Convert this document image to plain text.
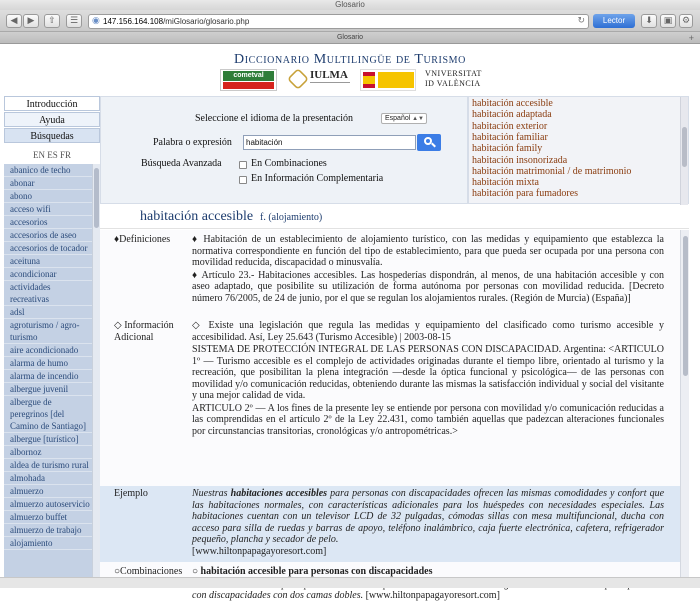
Glosario
◀	▶	⇧	☰	◉ 147.156.164.108/miGlosario/glosario.php	↻	Lector	⬇	▣	⚙
Glosario	+
Diccionario Multilingüe de Turismo
cometval	IULMA	VNIVERSITAT
ID VALÈNCIA
Introducción
Ayuda
Búsquedas
EN ES FR
abanico de techo
abonar
abono
acceso wifi
accesorios
accesorios de aseo
accesorios de tocador
aceituna
acondicionar
actividades recreativas
adsl
agroturismo / agro-turismo
aire acondicionado
alarma de humo
alarma de incendio
albergue juvenil
albergue de peregrinos [del Camino de Santiago]
albergue [turístico]
albornoz
aldea de turismo rural
almohada
almuerzo
almuerzo autoservicio
almuerzo buffet
almuerzo de trabajo
alojamiento
Seleccione el idioma de la presentación	Español ▲▼
Palabra o expresión	habitación
Búsqueda Avanzada	En Combinaciones
En Información Complementaria
habitación accesible
habitación adaptada
habitación exterior
habitación familiar
habitación family
habitación insonorizada
habitación matrimonial / de matrimonio
habitación mixta
habitación para fumadores
habitación accesible f. (alojamiento)
♦Definiciones	♦ Habitación de un establecimiento de alojamiento turístico, con las medidas y equipamiento que establezca la normativa correspondiente en función del tipo de establecimiento, para que pueda ser ocupada por una persona con movilidad reducida, discapacidad o minusvalía.
♦ Artículo 23.- Habitaciones accesibles. Las hospederías dispondrán, al menos, de una habitación accesible y con aseo adaptado, que posibilite su utilización de forma autónoma por personas con movilidad reducida. [Decreto número 76/2005, de 24 de junio, por el que se regulan los alojamientos rurales. (Región de Murcia) (España)]
◇ Información Adicional
◇ Existe una legislación que regula las medidas y equipamiento del clasificado como turismo accesible y accesibilidad. Así, Ley 25.643 (Turismo Accesible) | 2003-08-15
SISTEMA DE PROTECCIÓN INTEGRAL DE LAS PERSONAS CON DISCAPACIDAD. Argentina: <ARTICULO 1º — Turismo accesible es el complejo de actividades originadas durante el tiempo libre, orientado al turismo y la recreación, que posibilitan la plena integración —desde la óptica funcional y psicológica— de las personas con movilidad y/o comunicación reducidas, obteniendo durante las mismas la satisfacción individual y social del visitante y una mejor calidad de vida.
ARTICULO 2º — A los fines de la presente ley se entiende por persona con movilidad y/o comunicación reducidas a las comprendidas en el artículo 2º de la Ley 22.431, como también aquellas que padezcan alteraciones funcionales por circunstancias transitorias, cronológicas y/o antropométricas.>
Ejemplo	Nuestras habitaciones accesibles para personas con discapacidades ofrecen las mismas comodidades y confort que las habitaciones normales, con características adicionales para los huéspedes con necesidades especiales. Las habitaciones cuentan con un televisor LCD de 32 pulgadas, cómodas sillas con mesa multifuncional, ducha con acceso para silla de ruedas y barras de apoyo, teléfono inalámbrico, caja fuerte electrónica, cafetera, refrigerador pequeño, plancha y secador de pelo.
[www.hiltonpapagayoresort.com]
○Combinaciones ○ habitación accesible para personas con discapacidades
con discapacidades con dos camas dobles. [www.hiltonpapagayoresort.com]
